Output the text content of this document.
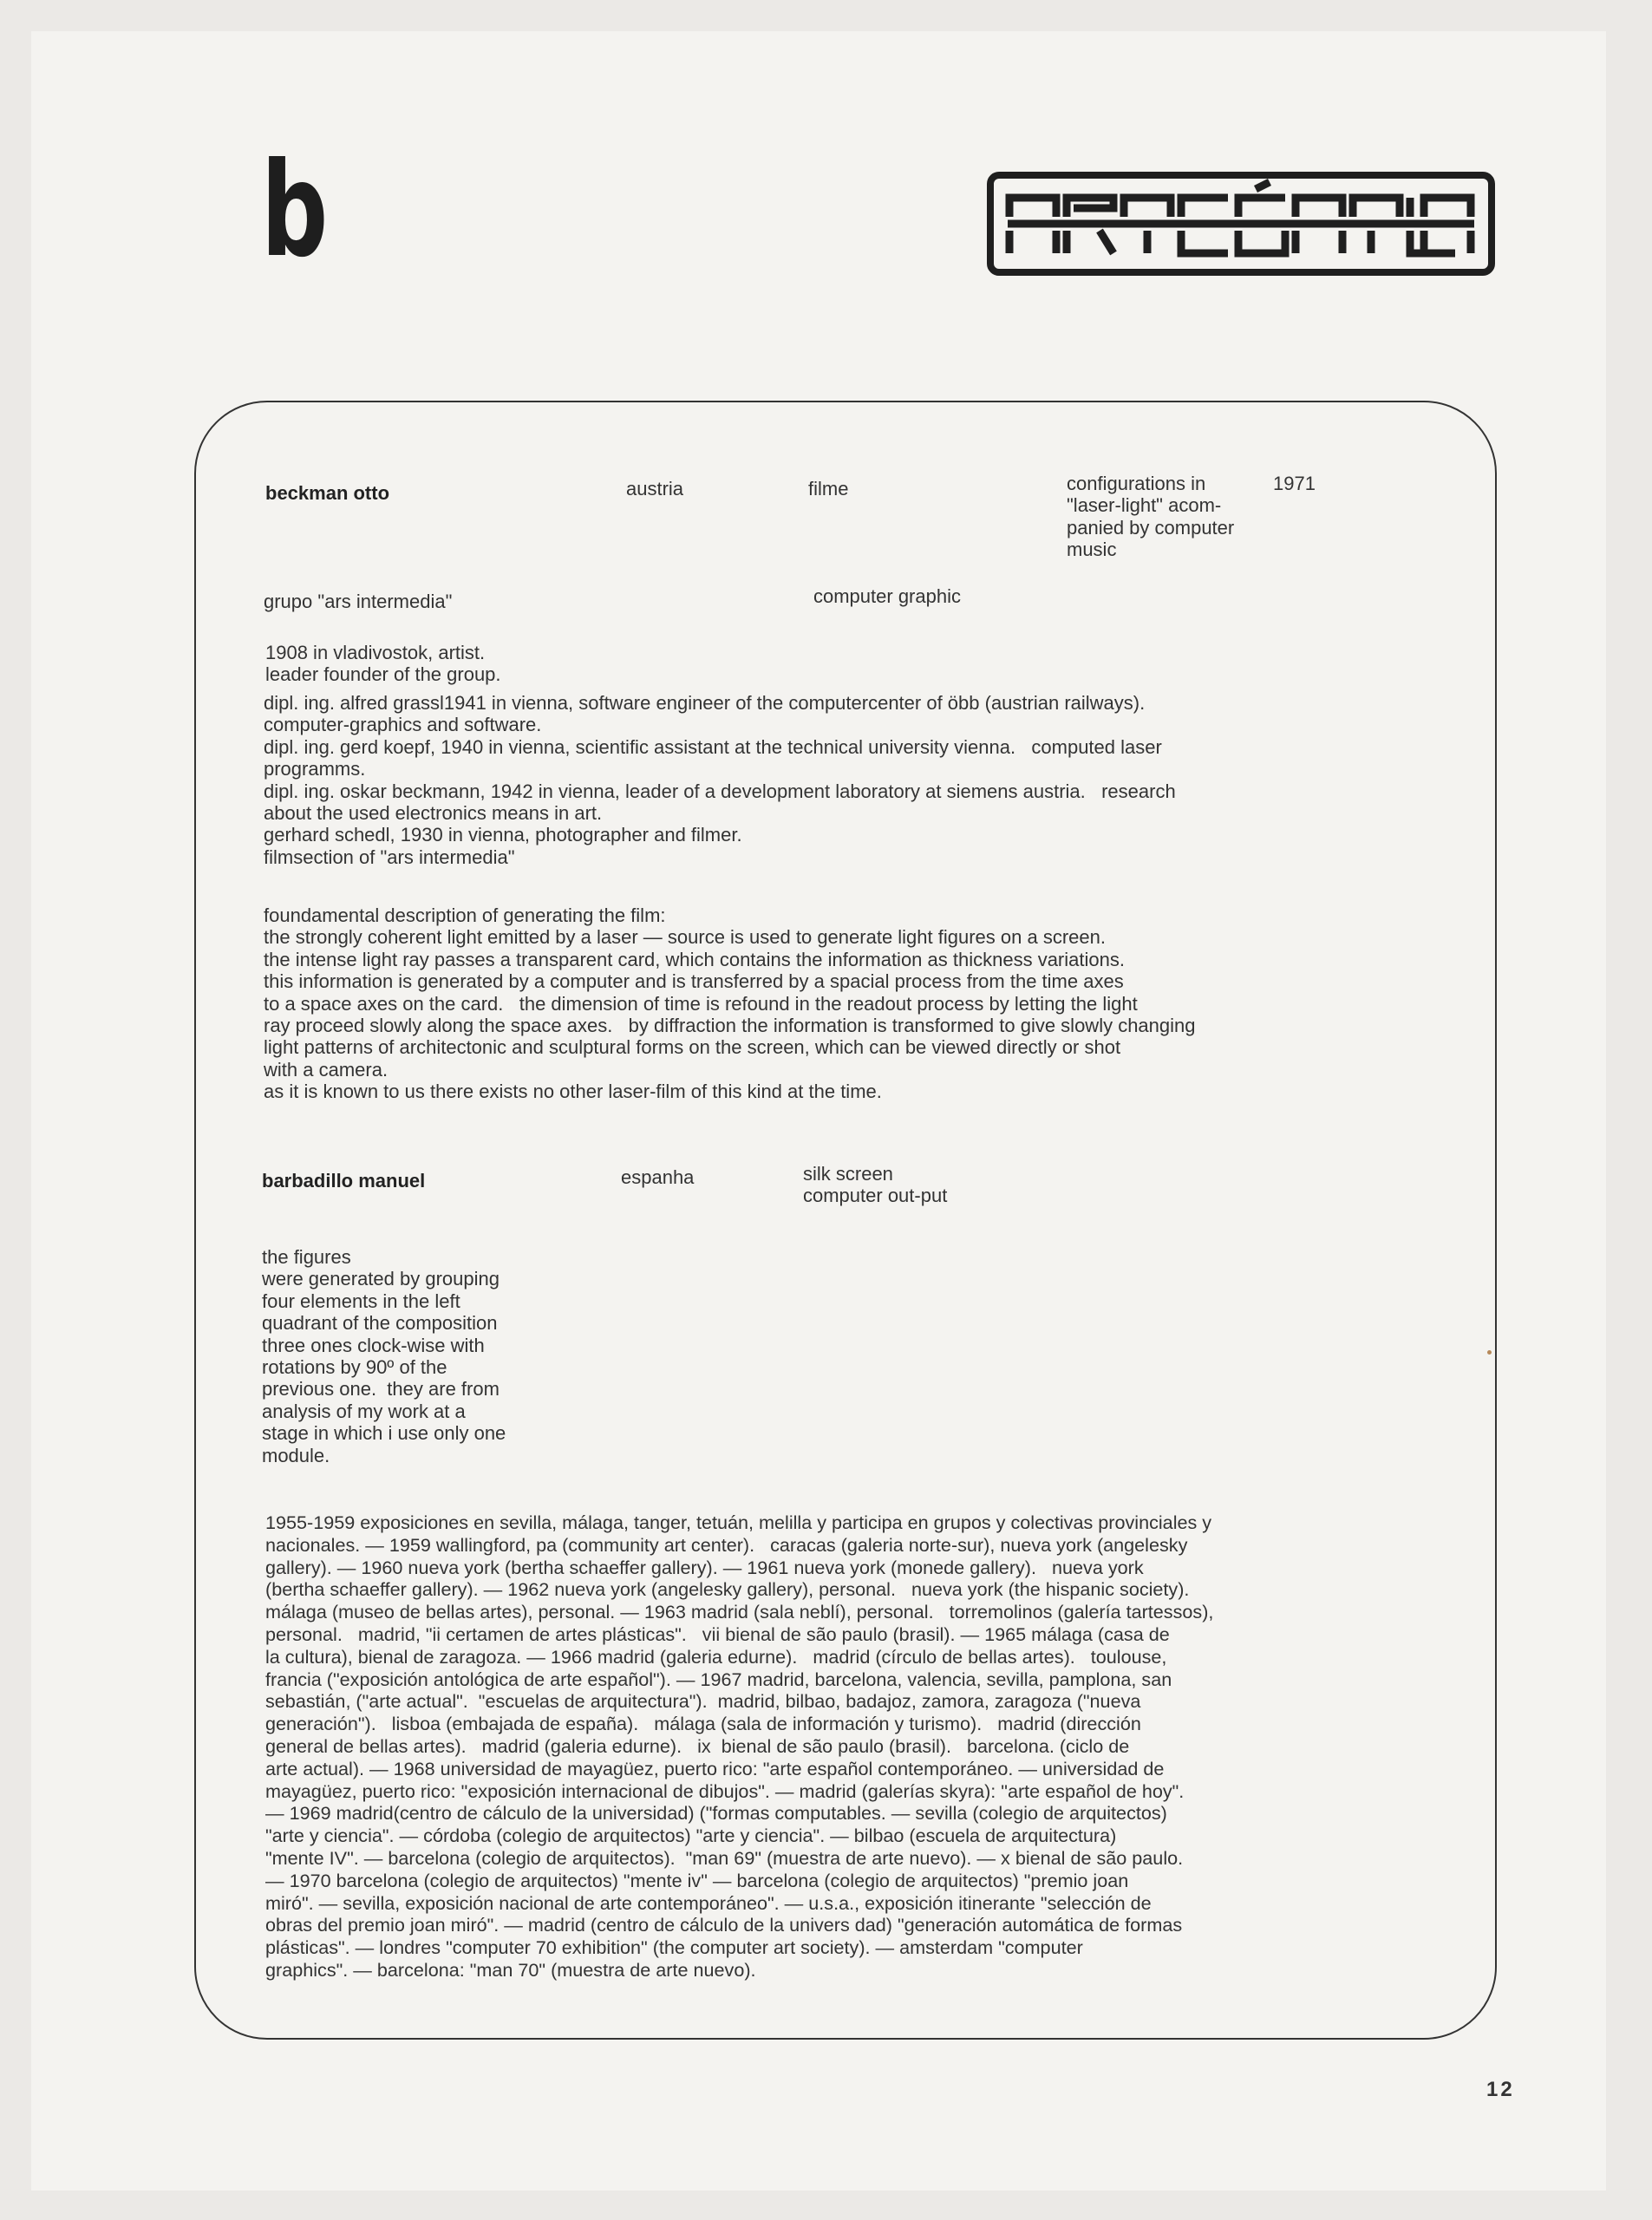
b
beckman otto	austria	filme	configurations in
"laser-light" acom-
panied by computer
music
1971
grupo "ars intermedia"	computer graphic
1908 in vladivostok, artist.
leader founder of the group.
dipl. ing. alfred grassl1941 in vienna, software engineer of the computercenter of öbb (austrian railways).
computer-graphics and software.
dipl. ing. gerd koepf, 1940 in vienna, scientific assistant at the technical university vienna.   computed laser
programms.
dipl. ing. oskar beckmann, 1942 in vienna, leader of a development laboratory at siemens austria.   research
about the used electronics means in art.
gerhard schedl, 1930 in vienna, photographer and filmer.
filmsection of "ars intermedia"
foundamental description of generating the film:
the strongly coherent light emitted by a laser — source is used to generate light figures on a screen.
the intense light ray passes a transparent card, which contains the information as thickness variations.
this information is generated by a computer and is transferred by a spacial process from the time axes
to a space axes on the card.   the dimension of time is refound in the readout process by letting the light
ray proceed slowly along the space axes.   by diffraction the information is transformed to give slowly changing
light patterns of architectonic and sculptural forms on the screen, which can be viewed directly or shot
with a camera.
as it is known to us there exists no other laser-film of this kind at the time.
barbadillo manuel	espanha	silk screen
computer out-put
the figures
were generated by grouping
four elements in the left
quadrant of the composition
three ones clock-wise with
rotations by 90º of the
previous one.  they are from
analysis of my work at a
stage in which i use only one
module.
1955-1959 exposiciones en sevilla, málaga, tanger, tetuán, melilla y participa en grupos y colectivas provinciales y
nacionales. — 1959 wallingford, pa (community art center).   caracas (galeria norte-sur), nueva york (angelesky
gallery). — 1960 nueva york (bertha schaeffer gallery). — 1961 nueva york (monede gallery).   nueva york
(bertha schaeffer gallery). — 1962 nueva york (angelesky gallery), personal.   nueva york (the hispanic society).
málaga (museo de bellas artes), personal. — 1963 madrid (sala neblí), personal.   torremolinos (galería tartessos),
personal.   madrid, "ii certamen de artes plásticas".   vii bienal de são paulo (brasil). — 1965 málaga (casa de
la cultura), bienal de zaragoza. — 1966 madrid (galeria edurne).   madrid (círculo de bellas artes).   toulouse,
francia ("exposición antológica de arte español"). — 1967 madrid, barcelona, valencia, sevilla, pamplona, san
sebastián, ("arte actual".  "escuelas de arquitectura").  madrid, bilbao, badajoz, zamora, zaragoza ("nueva
generación").   lisboa (embajada de españa).   málaga (sala de información y turismo).   madrid (dirección
general de bellas artes).   madrid (galeria edurne).   ix  bienal de são paulo (brasil).   barcelona. (ciclo de
arte actual). — 1968 universidad de mayagüez, puerto rico: "arte español contemporáneo. — universidad de
mayagüez, puerto rico: "exposición internacional de dibujos". — madrid (galerías skyra): "arte español de hoy".
— 1969 madrid(centro de cálculo de la universidad) ("formas computables. — sevilla (colegio de arquitectos)
"arte y ciencia". — córdoba (colegio de arquitectos) "arte y ciencia". — bilbao (escuela de arquitectura)
"mente IV". — barcelona (colegio de arquitectos).  "man 69" (muestra de arte nuevo). — x bienal de são paulo.
— 1970 barcelona (colegio de arquitectos) "mente iv" — barcelona (colegio de arquitectos) "premio joan
miró". — sevilla, exposición nacional de arte contemporáneo". — u.s.a., exposición itinerante "selección de
obras del premio joan miró". — madrid (centro de cálculo de la univers dad) "generación automática de formas
plásticas". — londres "computer 70 exhibition" (the computer art society). — amsterdam "computer
graphics". — barcelona: "man 70" (muestra de arte nuevo).
12
